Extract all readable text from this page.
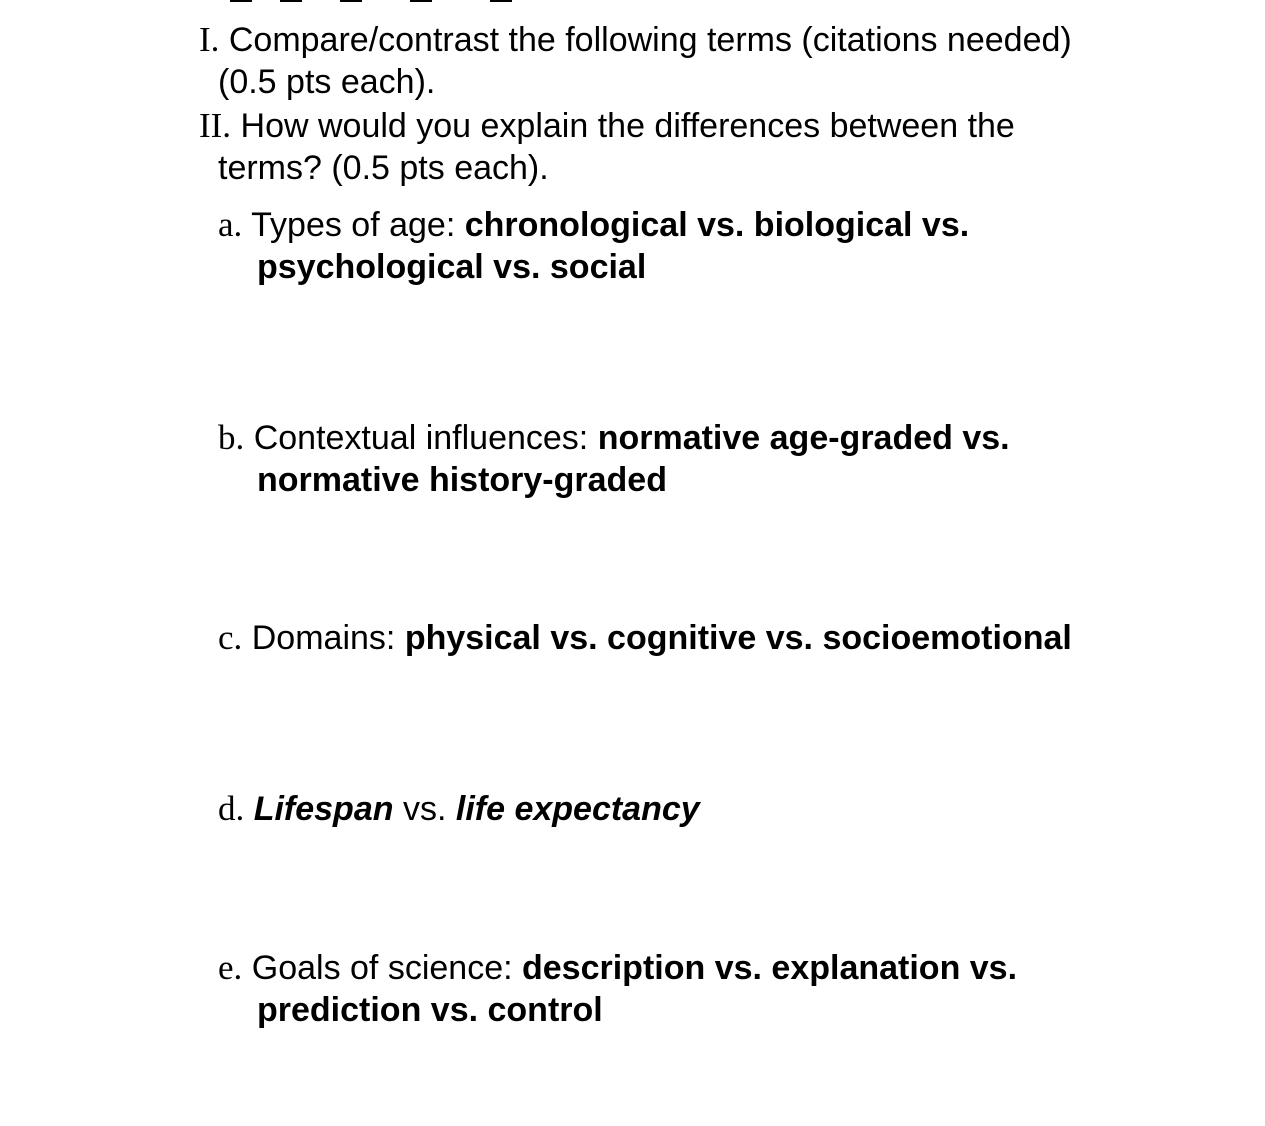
I. Compare/contrast the following terms (citations needed)
(0.5 pts each).
II. How would you explain the differences between the
terms? (0.5 pts each).
a. Types of age: chronological vs. biological vs.
psychological vs. social
b. Contextual influences: normative age-graded vs.
normative history-graded
c. Domains: physical vs. cognitive vs. socioemotional
d. Lifespan vs. life expectancy
e. Goals of science: description vs. explanation vs.
prediction vs. control
